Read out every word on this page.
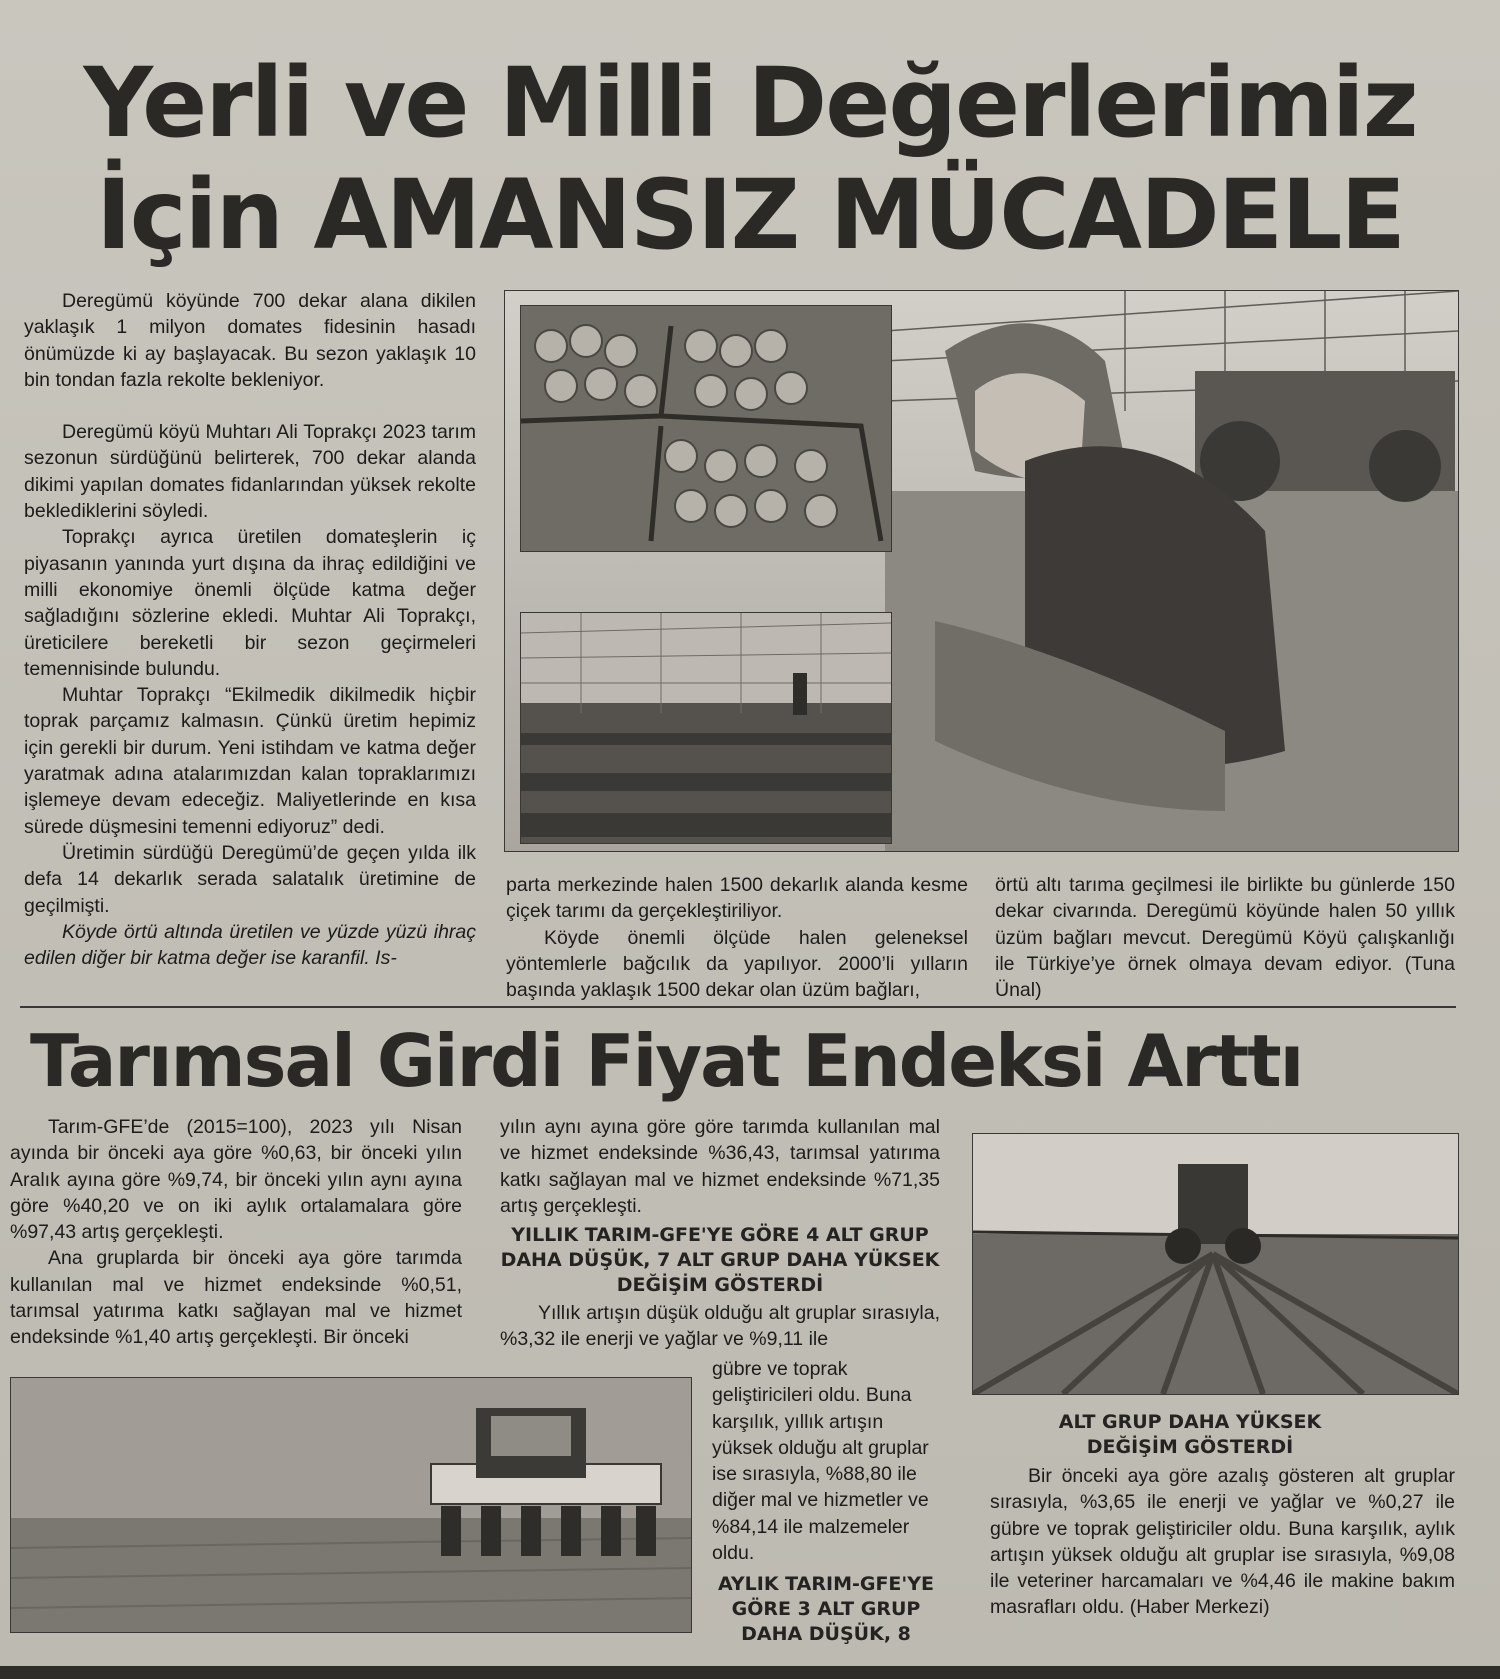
Yerli ve Milli Değerlerimiz
İçin AMANSIZ MÜCADELE

Deregümü köyünde 700 dekar alana dikilen yaklaşık 1 milyon domates fidesinin hasadı önümüzde ki ay başlayacak. Bu sezon yaklaşık 10 bin tondan fazla rekolte bekleniyor.

Deregümü köyü Muhtarı Ali Toprakçı 2023 tarım sezonun sürdüğünü belirterek, 700 dekar alanda dikimi yapılan domates fidanlarından yüksek rekolte beklediklerini söyledi.

Toprakçı ayrıca üretilen domateşlerin iç piyasanın yanında yurt dışına da ihraç edildiğini ve milli ekonomiye önemli ölçüde katma değer sağladığını sözlerine ekledi. Muhtar Ali Toprakçı, üreticilere bereketli bir sezon geçirmeleri temennisinde bulundu.

Muhtar Toprakçı “Ekilmedik dikilmedik hiçbir toprak parçamız kalmasın. Çünkü üretim hepimiz için gerekli bir durum. Yeni istihdam ve katma değer yaratmak adına atalarımızdan kalan topraklarımızı işlemeye devam edeceğiz. Maliyetlerinde en kısa sürede düşmesini temenni ediyoruz” dedi.

Üretimin sürdüğü Deregümü’de geçen yılda ilk defa 14 dekarlık serada salatalık üretimine de geçilmişti.

Köyde örtü altında üretilen ve yüzde yüzü ihraç edilen diğer bir katma değer ise karanfil. Is-

parta merkezinde halen 1500 dekarlık alanda kesme çiçek tarımı da gerçekleştiriliyor.

Köyde önemli ölçüde halen geleneksel yöntemlerle bağcılık da yapılıyor. 2000’li yılların başında yaklaşık 1500 dekar olan üzüm bağları,

örtü altı tarıma geçilmesi ile birlikte bu günlerde 150 dekar civarında. Deregümü köyünde halen 50 yıllık üzüm bağları mevcut. Deregümü Köyü çalışkanlığı ile Türkiye’ye örnek olmaya devam ediyor. (Tuna Ünal)

Tarımsal Girdi Fiyat Endeksi Arttı

Tarım-GFE’de (2015=100), 2023 yılı Nisan ayında bir önceki aya göre %0,63, bir önceki yılın Aralık ayına göre %9,74, bir önceki yılın aynı ayına göre %40,20 ve on iki aylık ortalamalara göre %97,43 artış gerçekleşti.

Ana gruplarda bir önceki aya göre tarımda kullanılan mal ve hizmet endeksinde %0,51, tarımsal yatırıma katkı sağlayan mal ve hizmet endeksinde %1,40 artış gerçekleşti. Bir önceki

yılın aynı ayına göre göre tarımda kullanılan mal ve hizmet endeksinde %36,43, tarımsal yatırıma katkı sağlayan mal ve hizmet endeksinde %71,35 artış gerçekleşti.

YILLIK TARIM-GFE'YE GÖRE 4 ALT GRUP DAHA DÜŞÜK, 7 ALT GRUP DAHA YÜKSEK DEĞİŞİM GÖSTERDİ

Yıllık artışın düşük olduğu alt gruplar sırasıyla, %3,32 ile enerji ve yağlar ve %9,11 ile

gübre ve toprak geliştiricileri oldu. Buna karşılık, yıllık artışın yüksek olduğu alt gruplar ise sırasıyla, %88,80 ile diğer mal ve hizmetler ve %84,14 ile malzemeler oldu.

AYLIK TARIM-GFE'YE GÖRE 3 ALT GRUP DAHA DÜŞÜK, 8
ALT GRUP DAHA YÜKSEK DEĞİŞİM GÖSTERDİ

Bir önceki aya göre azalış gösteren alt gruplar sırasıyla, %3,65 ile enerji ve yağlar ve %0,27 ile gübre ve toprak geliştiriciler oldu. Buna karşılık, aylık artışın yüksek olduğu alt gruplar ise sırasıyla, %9,08 ile veteriner harcamaları ve %4,46 ile makine bakım masrafları oldu. (Haber Merkezi)
